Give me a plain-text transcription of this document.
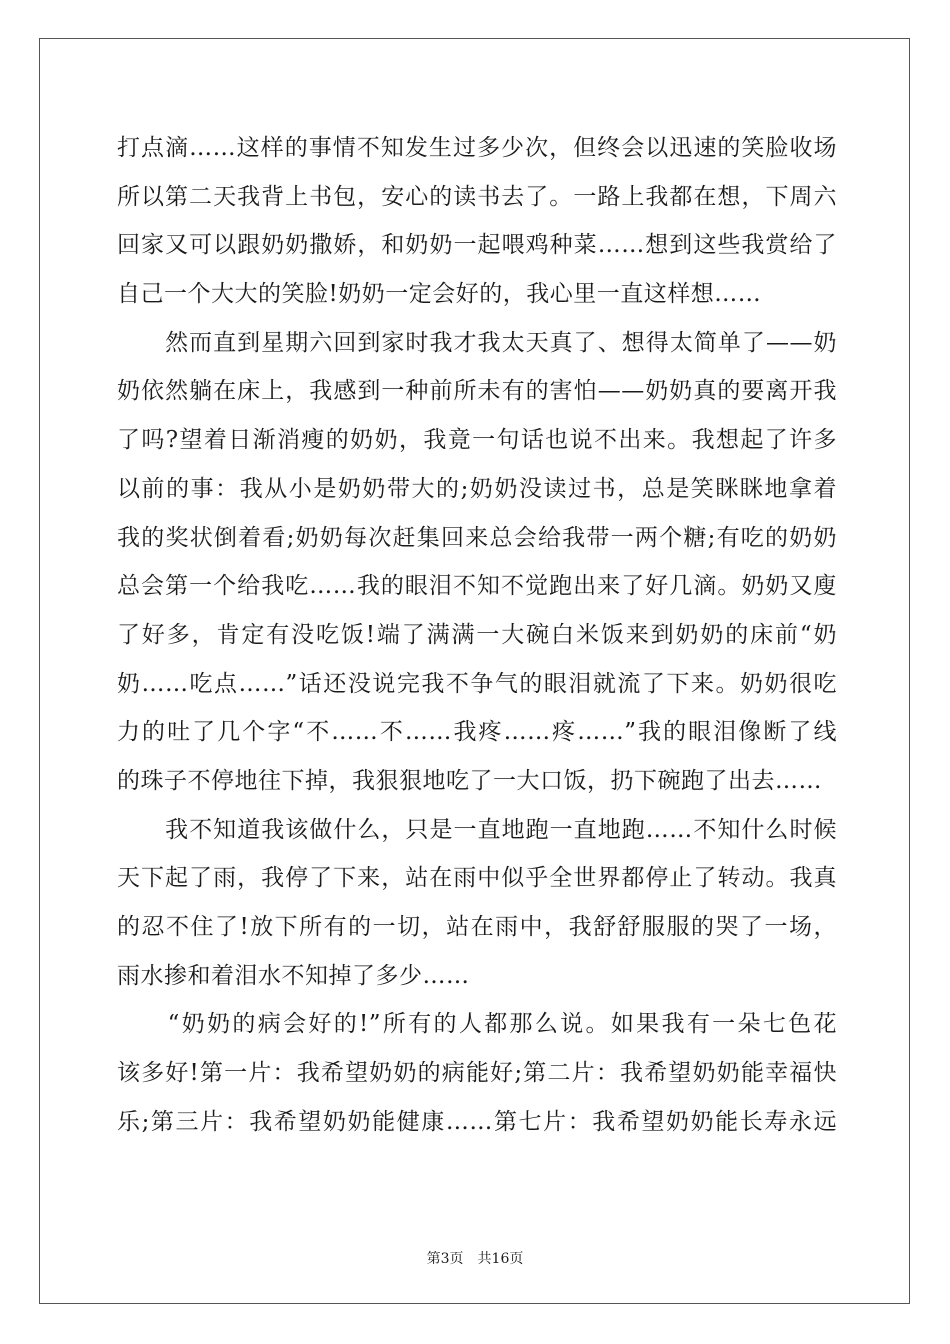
打点滴……这样的事情不知发生过多少次，但终会以迅速的笑脸收场
所以第二天我背上书包，安心的读书去了。一路上我都在想，下周六
回家又可以跟奶奶撒娇，和奶奶一起喂鸡种菜……想到这些我赏给了
自己一个大大的笑脸!奶奶一定会好的，我心里一直这样想……
　　然而直到星期六回到家时我才我太天真了、想得太简单了——奶
奶依然躺在床上，我感到一种前所未有的害怕——奶奶真的要离开我
了吗?望着日渐消瘦的奶奶，我竟一句话也说不出来。我想起了许多
以前的事：我从小是奶奶带大的;奶奶没读过书，总是笑眯眯地拿着
我的奖状倒着看;奶奶每次赶集回来总会给我带一两个糖;有吃的奶奶
总会第一个给我吃……我的眼泪不知不觉跑出来了好几滴。奶奶又廋
了好多，肯定有没吃饭!端了满满一大碗白米饭来到奶奶的床前“奶
奶……吃点……”话还没说完我不争气的眼泪就流了下来。奶奶很吃
力的吐了几个字“不……不……我疼……疼……”我的眼泪像断了线
的珠子不停地往下掉，我狠狠地吃了一大口饭，扔下碗跑了出去……
　　我不知道我该做什么，只是一直地跑一直地跑……不知什么时候
天下起了雨，我停了下来，站在雨中似乎全世界都停止了转动。我真
的忍不住了!放下所有的一切，站在雨中，我舒舒服服的哭了一场，
雨水掺和着泪水不知掉了多少……
　　“奶奶的病会好的!”所有的人都那么说。如果我有一朵七色花
该多好!第一片：我希望奶奶的病能好;第二片：我希望奶奶能幸福快
乐;第三片：我希望奶奶能健康……第七片：我希望奶奶能长寿永远
第3页 共16页
